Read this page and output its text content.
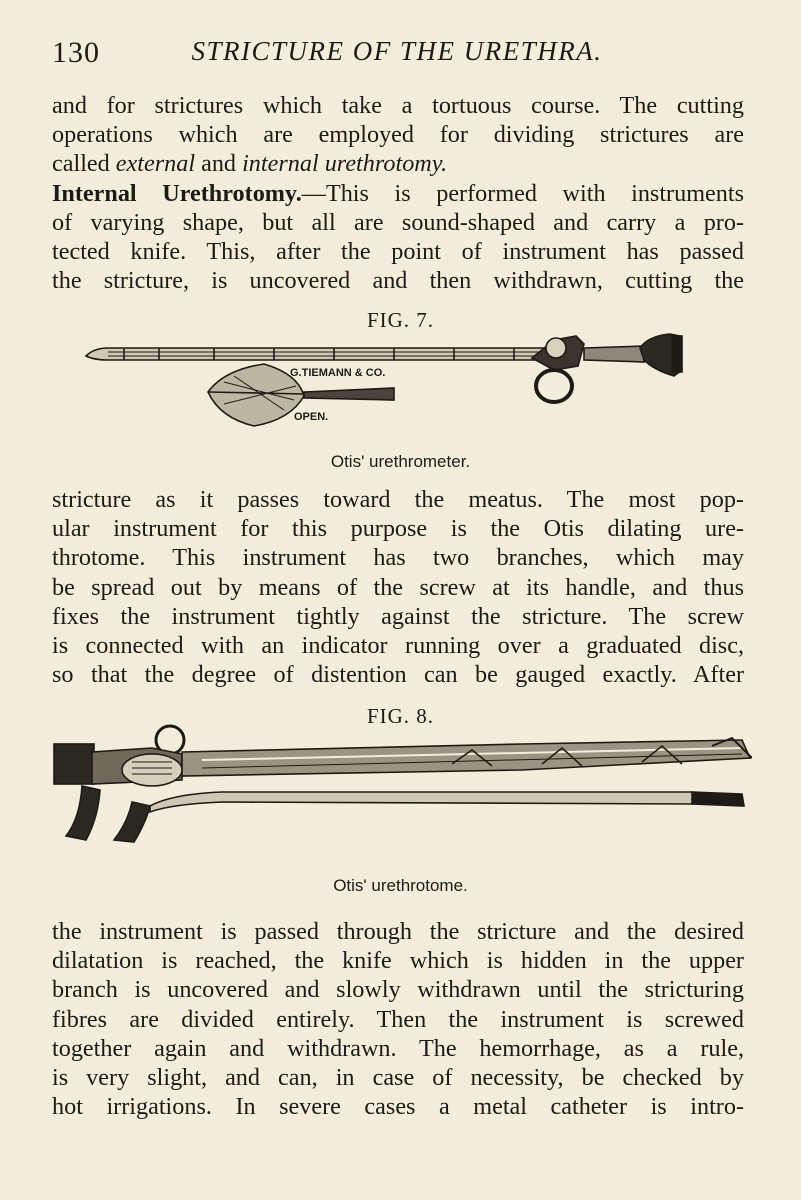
130	STRICTURE OF THE URETHRA.
and for strictures which take a tortuous course. The cutting
operations which are employed for dividing strictures are
called external and internal urethrotomy.
Internal Urethrotomy.—This is performed with instruments
of varying shape, but all are sound-shaped and carry a pro-
tected knife. This, after the point of instrument has passed
the stricture, is uncovered and then withdrawn, cutting the
FIG. 7.
G.TIEMANN & CO.
OPEN.
Otis' urethrometer.
stricture as it passes toward the meatus. The most pop-
ular instrument for this purpose is the Otis dilating ure-
throtome. This instrument has two branches, which may
be spread out by means of the screw at its handle, and thus
fixes the instrument tightly against the stricture. The screw
is connected with an indicator running over a graduated disc,
so that the degree of distention can be gauged exactly. After
FIG. 8.
Otis' urethrotome.
the instrument is passed through the stricture and the desired
dilatation is reached, the knife which is hidden in the upper
branch is uncovered and slowly withdrawn until the stricturing
fibres are divided entirely. Then the instrument is screwed
together again and withdrawn. The hemorrhage, as a rule,
is very slight, and can, in case of necessity, be checked by
hot irrigations. In severe cases a metal catheter is intro-
